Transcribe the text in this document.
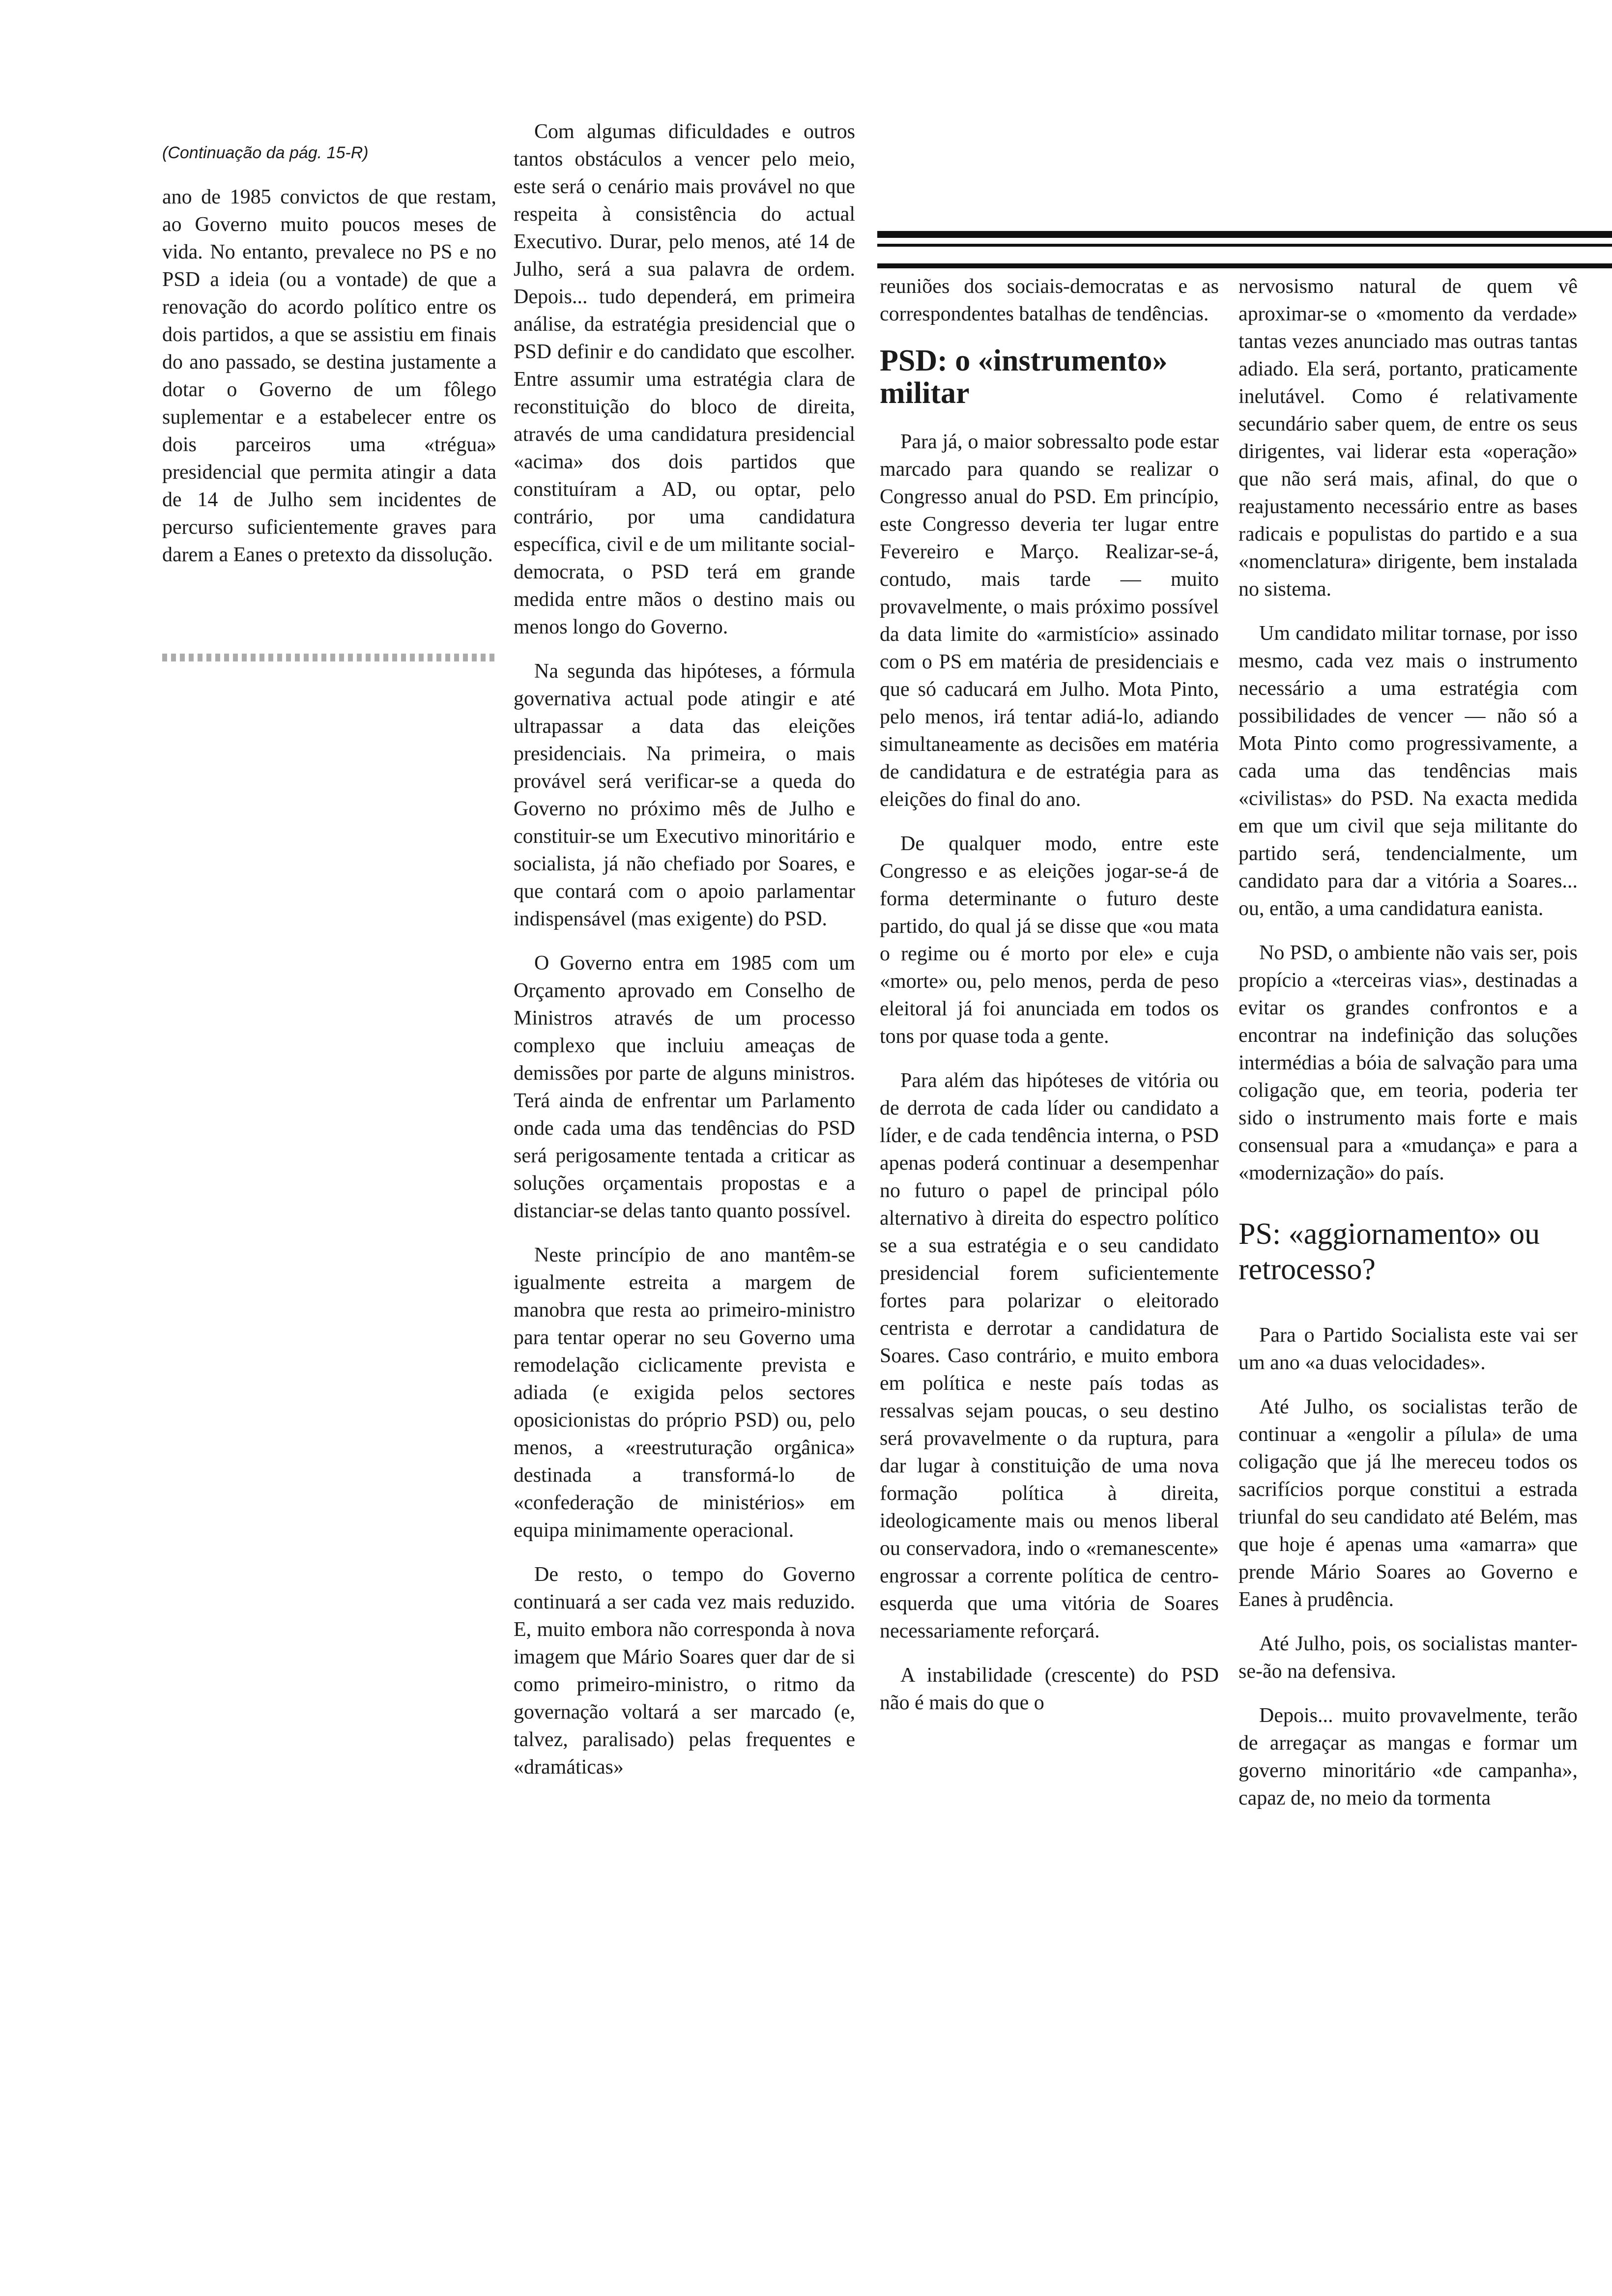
(Continuação da pág. 15-R)

ano de 1985 convictos de que restam, ao Governo muito poucos meses de vida. No entanto, prevalece no PS e no PSD a ideia (ou a vontade) de que a renovação do acordo político entre os dois partidos, a que se assistiu em finais do ano passado, se destina justamente a dotar o Governo de um fôlego suplementar e a estabelecer entre os dois parceiros uma «trégua» presidencial que permita atingir a data de 14 de Julho sem incidentes de percurso suficientemente graves para darem a Eanes o pretexto da dissolução.

Com algumas dificuldades e outros tantos obstáculos a vencer pelo meio, este será o cenário mais provável no que respeita à consistência do actual Executivo. Durar, pelo menos, até 14 de Julho, será a sua palavra de ordem. Depois... tudo dependerá, em primeira análise, da estratégia presidencial que o PSD definir e do candidato que escolher. Entre assumir uma estratégia clara de reconstituição do bloco de direita, através de uma candidatura presidencial «acima» dos dois partidos que constituíram a AD, ou optar, pelo contrário, por uma candidatura específica, civil e de um militante social-democrata, o PSD terá em grande medida entre mãos o destino mais ou menos longo do Governo.

Na segunda das hipóteses, a fórmula governativa actual pode atingir e até ultrapassar a data das eleições presidenciais. Na primeira, o mais provável será verificar-se a queda do Governo no próximo mês de Julho e constituir-se um Executivo minoritário e socialista, já não chefiado por Soares, e que contará com o apoio parlamentar indispensável (mas exigente) do PSD.

O Governo entra em 1985 com um Orçamento aprovado em Conselho de Ministros através de um processo complexo que incluiu ameaças de demissões por parte de alguns ministros. Terá ainda de enfrentar um Parlamento onde cada uma das tendências do PSD será perigosamente tentada a criticar as soluções orçamentais propostas e a distanciar-se delas tanto quanto possível.

Neste princípio de ano mantêm-se igualmente estreita a margem de manobra que resta ao primeiro-ministro para tentar operar no seu Governo uma remodelação ciclicamente prevista e adiada (e exigida pelos sectores oposicionistas do próprio PSD) ou, pelo menos, a «reestruturação orgânica» destinada a transformá-lo de «confederação de ministérios» em equipa minimamente operacional.

De resto, o tempo do Governo continuará a ser cada vez mais reduzido. E, muito embora não corresponda à nova imagem que Mário Soares quer dar de si como primeiro-ministro, o ritmo da governação voltará a ser marcado (e, talvez, paralisado) pelas frequentes e «dramáticas»

reuniões dos sociais-democratas e as correspondentes batalhas de tendências.

PSD: o «instrumento» militar

Para já, o maior sobressalto pode estar marcado para quando se realizar o Congresso anual do PSD. Em princípio, este Congresso deveria ter lugar entre Fevereiro e Março. Realizar-se-á, contudo, mais tarde — muito provavelmente, o mais próximo possível da data limite do «armistício» assinado com o PS em matéria de presidenciais e que só caducará em Julho. Mota Pinto, pelo menos, irá tentar adiá-lo, adiando simultaneamente as decisões em matéria de candidatura e de estratégia para as eleições do final do ano.

De qualquer modo, entre este Congresso e as eleições jogar-se-á de forma determinante o futuro deste partido, do qual já se disse que «ou mata o regime ou é morto por ele» e cuja «morte» ou, pelo menos, perda de peso eleitoral já foi anunciada em todos os tons por quase toda a gente.

Para além das hipóteses de vitória ou de derrota de cada líder ou candidato a líder, e de cada tendência interna, o PSD apenas poderá continuar a desempenhar no futuro o papel de principal pólo alternativo à direita do espectro político se a sua estratégia e o seu candidato presidencial forem suficientemente fortes para polarizar o eleitorado centrista e derrotar a candidatura de Soares. Caso contrário, e muito embora em política e neste país todas as ressalvas sejam poucas, o seu destino será provavelmente o da ruptura, para dar lugar à constituição de uma nova formação política à direita, ideologicamente mais ou menos liberal ou conservadora, indo o «remanescente» engrossar a corrente política de centro-esquerda que uma vitória de Soares necessariamente reforçará.

A instabilidade (crescente) do PSD não é mais do que o

nervosismo natural de quem vê aproximar-se o «momento da verdade» tantas vezes anunciado mas outras tantas adiado. Ela será, portanto, praticamente inelutável. Como é relativamente secundário saber quem, de entre os seus dirigentes, vai liderar esta «operação» que não será mais, afinal, do que o reajustamento necessário entre as bases radicais e populistas do partido e a sua «nomenclatura» dirigente, bem instalada no sistema.

Um candidato militar tornase, por isso mesmo, cada vez mais o instrumento necessário a uma estratégia com possibilidades de vencer — não só a Mota Pinto como progressivamente, a cada uma das tendências mais «civilistas» do PSD. Na exacta medida em que um civil que seja militante do partido será, tendencialmente, um candidato para dar a vitória a Soares... ou, então, a uma candidatura eanista.

No PSD, o ambiente não vais ser, pois propício a «terceiras vias», destinadas a evitar os grandes confrontos e a encontrar na indefinição das soluções intermédias a bóia de salvação para uma coligação que, em teoria, poderia ter sido o instrumento mais forte e mais consensual para a «mudança» e para a «modernização» do país.

PS: «aggiornamento» ou retrocesso?

Para o Partido Socialista este vai ser um ano «a duas velocidades».

Até Julho, os socialistas terão de continuar a «engolir a pílula» de uma coligação que já lhe mereceu todos os sacrifícios porque constitui a estrada triunfal do seu candidato até Belém, mas que hoje é apenas uma «amarra» que prende Mário Soares ao Governo e Eanes à prudência.

Até Julho, pois, os socialistas manter-se-ão na defensiva.

Depois... muito provavelmente, terão de arregaçar as mangas e formar um governo minoritário «de campanha», capaz de, no meio da tormenta
